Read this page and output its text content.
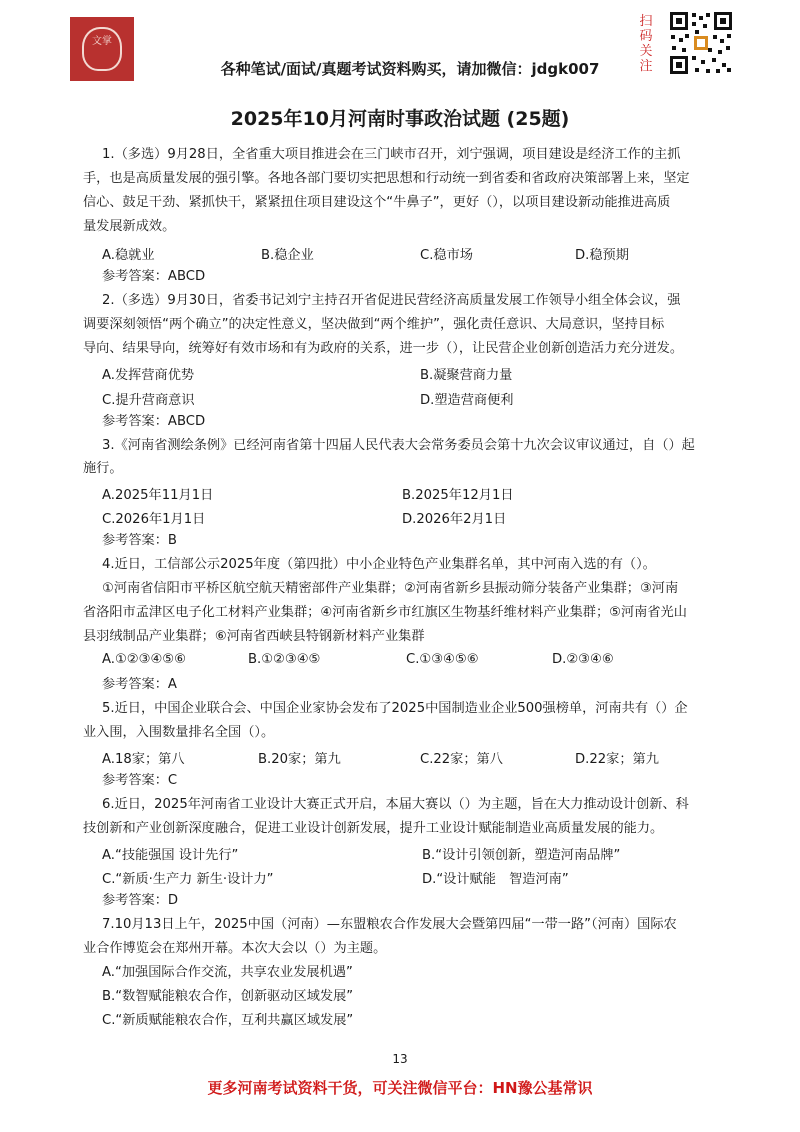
文掌
各种笔试/面试/真题考试资料购买，请加微信：jdgk007
扫码关注
2025年10月河南时事政治试题 (25题)
1.（多选）9月28日，全省重大项目推进会在三门峡市召开，刘宁强调，项目建设是经济工作的主抓
手，也是高质量发展的强引擎。各地各部门要切实把思想和行动统一到省委和省政府决策部署上来，坚定
信心、鼓足干劲、紧抓快干，紧紧扭住项目建设这个“牛鼻子”，更好（），以项目建设新动能推进高质
量发展新成效。
A.稳就业	B.稳企业	C.稳市场	D.稳预期
参考答案：ABCD
2.（多选）9月30日，省委书记刘宁主持召开省促进民营经济高质量发展工作领导小组全体会议，强
调要深刻领悟“两个确立”的决定性意义，坚决做到“两个维护”，强化责任意识、大局意识，坚持目标
导向、结果导向，统筹好有效市场和有为政府的关系，进一步（），让民营企业创新创造活力充分迸发。
A.发挥营商优势	B.凝聚营商力量
C.提升营商意识	D.塑造营商便利
参考答案：ABCD
3.《河南省测绘条例》已经河南省第十四届人民代表大会常务委员会第十九次会议审议通过，自（）起
施行。
A.2025年11月1日	B.2025年12月1日
C.2026年1月1日	D.2026年2月1日
参考答案：B
4.近日，工信部公示2025年度（第四批）中小企业特色产业集群名单，其中河南入选的有（）。
①河南省信阳市平桥区航空航天精密部件产业集群；②河南省新乡县振动筛分装备产业集群；③河南
省洛阳市孟津区电子化工材料产业集群；④河南省新乡市红旗区生物基纤维材料产业集群；⑤河南省光山
县羽绒制品产业集群；⑥河南省西峡县特钢新材料产业集群
A.①②③④⑤⑥	B.①②③④⑤	C.①③④⑤⑥	D.②③④⑥
参考答案：A
5.近日，中国企业联合会、中国企业家协会发布了2025中国制造业企业500强榜单，河南共有（）企
业入围，入围数量排名全国（）。
A.18家；第八	B.20家；第九	C.22家；第八	D.22家；第九
参考答案：C
6.近日，2025年河南省工业设计大赛正式开启，本届大赛以（）为主题，旨在大力推动设计创新、科
技创新和产业创新深度融合，促进工业设计创新发展，提升工业设计赋能制造业高质量发展的能力。
A.“技能强国 设计先行”	B.“设计引领创新，塑造河南品牌”
C.“新质·生产力 新生·设计力”	D.“设计赋能　智造河南”
参考答案：D
7.10月13日上午，2025中国（河南）—东盟粮农合作发展大会暨第四届“一带一路”（河南）国际农
业合作博览会在郑州开幕。本次大会以（）为主题。
A.“加强国际合作交流，共享农业发展机遇”
B.“数智赋能粮农合作，创新驱动区域发展”
C.“新质赋能粮农合作，互利共赢区域发展”
13
更多河南考试资料干货，可关注微信平台：HN豫公基常识
